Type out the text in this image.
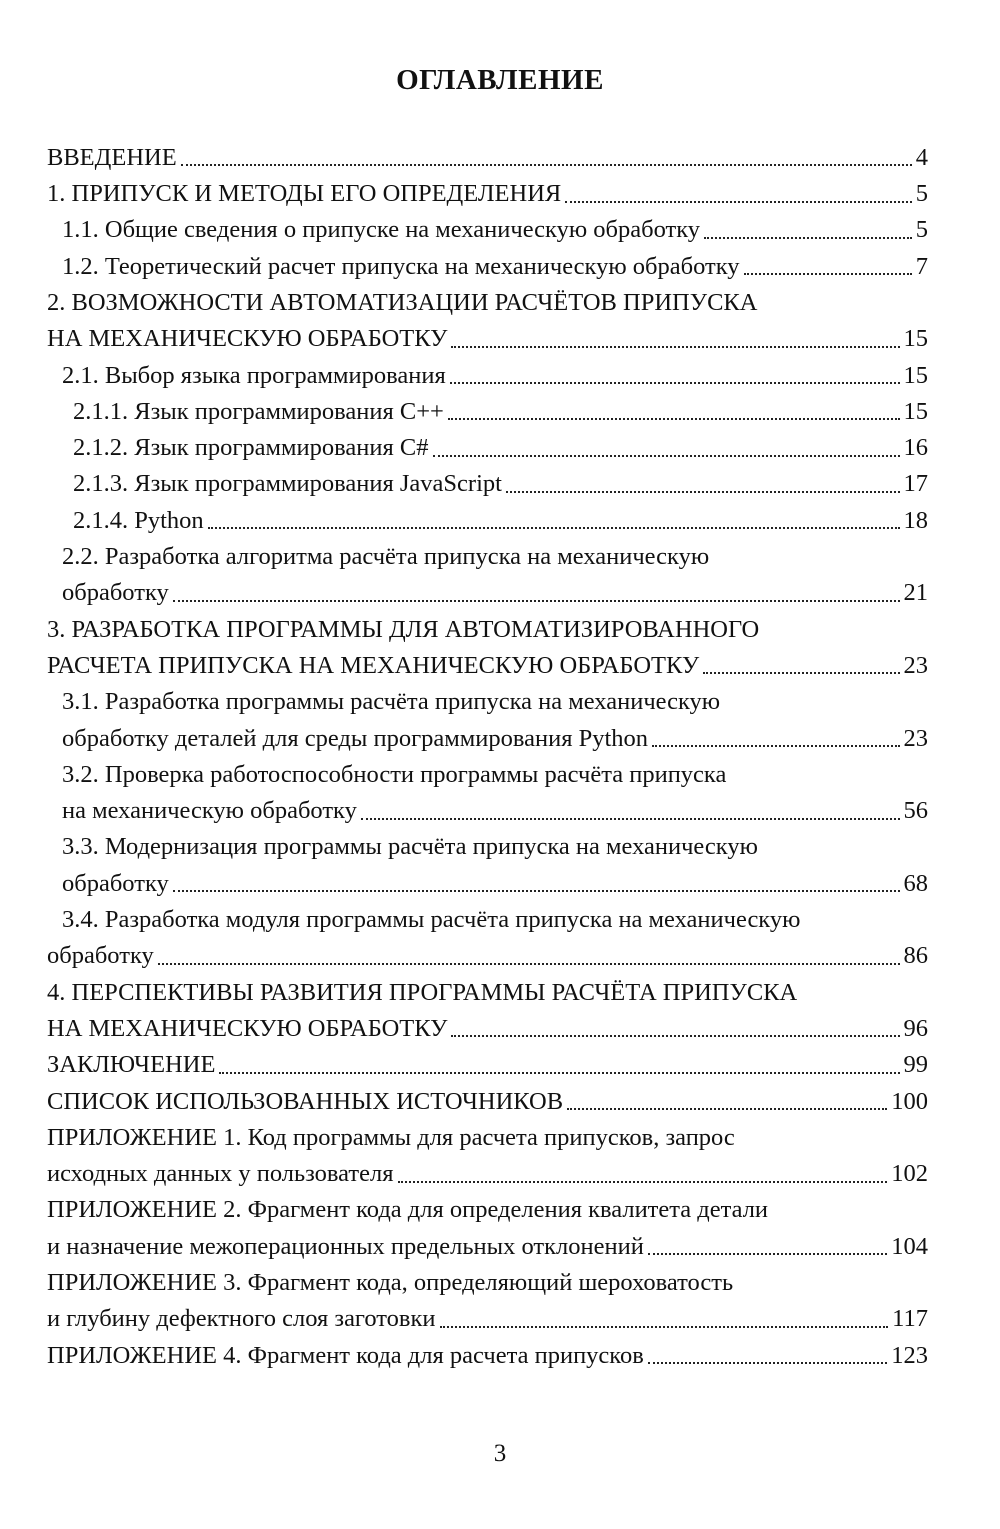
ОГЛАВЛЕНИЕ
ВВЕДЕНИЕ	4
1. ПРИПУСК И МЕТОДЫ ЕГО ОПРЕДЕЛЕНИЯ	5
1.1. Общие сведения о припуске на механическую обработку	5
1.2. Теоретический расчет припуска на механическую обработку	7
2. ВОЗМОЖНОСТИ АВТОМАТИЗАЦИИ РАСЧЁТОВ ПРИПУСКА
НА МЕХАНИЧЕСКУЮ ОБРАБОТКУ	15
2.1. Выбор языка программирования	15
2.1.1. Язык программирования С++	15
2.1.2. Язык программирования С#	16
2.1.3. Язык программирования JavaScript	17
2.1.4. Python	18
2.2. Разработка алгоритма расчёта припуска на механическую
обработку	21
3. РАЗРАБОТКА ПРОГРАММЫ ДЛЯ АВТОМАТИЗИРОВАННОГО
РАСЧЕТА ПРИПУСКА НА МЕХАНИЧЕСКУЮ ОБРАБОТКУ	23
3.1. Разработка программы расчёта припуска на механическую
обработку деталей для среды программирования Python	23
3.2. Проверка работоспособности программы расчёта припуска
на механическую обработку	56
3.3. Модернизация программы расчёта припуска на механическую
обработку	68
3.4. Разработка модуля программы расчёта припуска на механическую
обработку	86
4. ПЕРСПЕКТИВЫ РАЗВИТИЯ ПРОГРАММЫ РАСЧЁТА ПРИПУСКА
НА МЕХАНИЧЕСКУЮ ОБРАБОТКУ	96
ЗАКЛЮЧЕНИЕ	99
СПИСОК ИСПОЛЬЗОВАННЫХ ИСТОЧНИКОВ	100
ПРИЛОЖЕНИЕ 1. Код программы для расчета припусков, запрос
исходных данных у пользователя	102
ПРИЛОЖЕНИЕ 2. Фрагмент кода для определения квалитета детали
и назначение межоперационных предельных отклонений	104
ПРИЛОЖЕНИЕ 3. Фрагмент кода, определяющий шероховатость
и глубину дефектного слоя заготовки	117
ПРИЛОЖЕНИЕ 4. Фрагмент кода для расчета припусков	123
3
